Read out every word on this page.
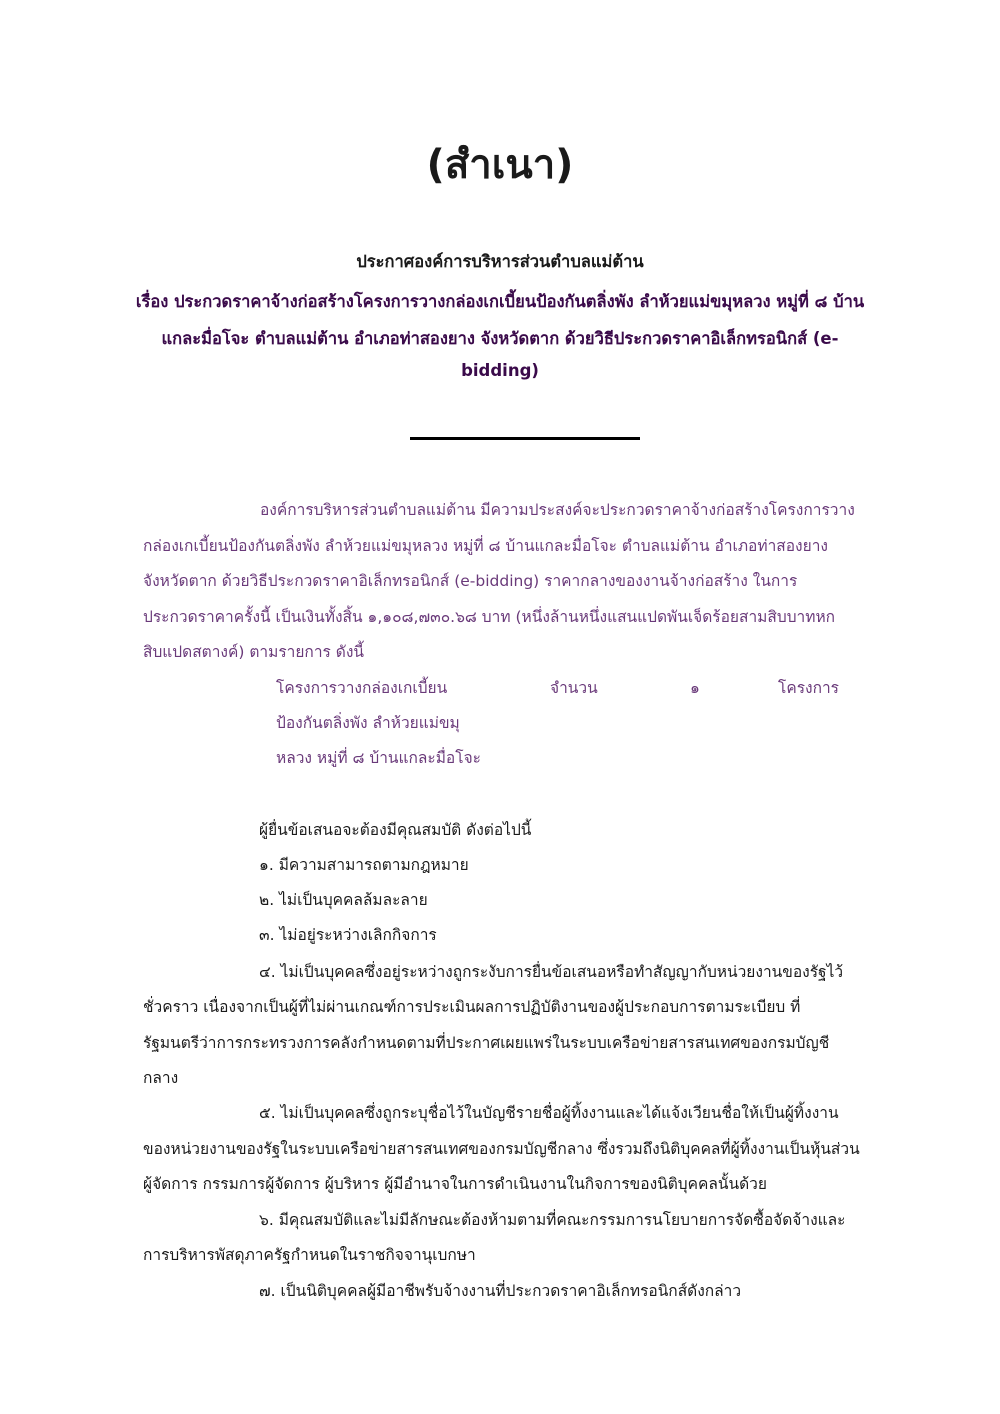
(สำเนา)
ประกาศองค์การบริหารส่วนตำบลแม่ต้าน
เรื่อง ประกวดราคาจ้างก่อสร้างโครงการวางกล่องเกเบี้ยนป้องกันตลิ่งพัง ลำห้วยแม่ขมุหลวง หมู่ที่ ๘ บ้าน
แกละมื่อโจะ ตำบลแม่ต้าน อำเภอท่าสองยาง จังหวัดตาก ด้วยวิธีประกวดราคาอิเล็กทรอนิกส์ (e-
bidding)
องค์การบริหารส่วนตำบลแม่ต้าน มีความประสงค์จะประกวดราคาจ้างก่อสร้างโครงการวาง
กล่องเกเบี้ยนป้องกันตลิ่งพัง ลำห้วยแม่ขมุหลวง หมู่ที่ ๘ บ้านแกละมื่อโจะ ตำบลแม่ต้าน อำเภอท่าสองยาง
จังหวัดตาก ด้วยวิธีประกวดราคาอิเล็กทรอนิกส์ (e-bidding) ราคากลางของงานจ้างก่อสร้าง ในการ
ประกวดราคาครั้งนี้ เป็นเงินทั้งสิ้น ๑,๑๐๘,๗๓๐.๖๘ บาท (หนึ่งล้านหนึ่งแสนแปดพันเจ็ดร้อยสามสิบบาทหก
สิบแปดสตางค์) ตามรายการ ดังนี้
โครงการวางกล่องเกเบี้ยน
ป้องกันตลิ่งพัง ลำห้วยแม่ขมุ
หลวง หมู่ที่ ๘ บ้านแกละมื่อโจะ
จำนวน	๑	โครงการ
ผู้ยื่นข้อเสนอจะต้องมีคุณสมบัติ ดังต่อไปนี้
๑. มีความสามารถตามกฎหมาย
๒. ไม่เป็นบุคคลล้มละลาย
๓. ไม่อยู่ระหว่างเลิกกิจการ
๔. ไม่เป็นบุคคลซึ่งอยู่ระหว่างถูกระงับการยื่นข้อเสนอหรือทำสัญญากับหน่วยงานของรัฐไว้
ชั่วคราว เนื่องจากเป็นผู้ที่ไม่ผ่านเกณฑ์การประเมินผลการปฏิบัติงานของผู้ประกอบการตามระเบียบ ที่
รัฐมนตรีว่าการกระทรวงการคลังกำหนดตามที่ประกาศเผยแพร่ในระบบเครือข่ายสารสนเทศของกรมบัญชี
กลาง
๕. ไม่เป็นบุคคลซึ่งถูกระบุชื่อไว้ในบัญชีรายชื่อผู้ทิ้งงานและได้แจ้งเวียนชื่อให้เป็นผู้ทิ้งงาน
ของหน่วยงานของรัฐในระบบเครือข่ายสารสนเทศของกรมบัญชีกลาง ซึ่งรวมถึงนิติบุคคลที่ผู้ทิ้งงานเป็นหุ้นส่วน
ผู้จัดการ กรรมการผู้จัดการ ผู้บริหาร ผู้มีอำนาจในการดำเนินงานในกิจการของนิติบุคคลนั้นด้วย
๖. มีคุณสมบัติและไม่มีลักษณะต้องห้ามตามที่คณะกรรมการนโยบายการจัดซื้อจัดจ้างและ
การบริหารพัสดุภาครัฐกำหนดในราชกิจจานุเบกษา
๗. เป็นนิติบุคคลผู้มีอาชีพรับจ้างงานที่ประกวดราคาอิเล็กทรอนิกส์ดังกล่าว
